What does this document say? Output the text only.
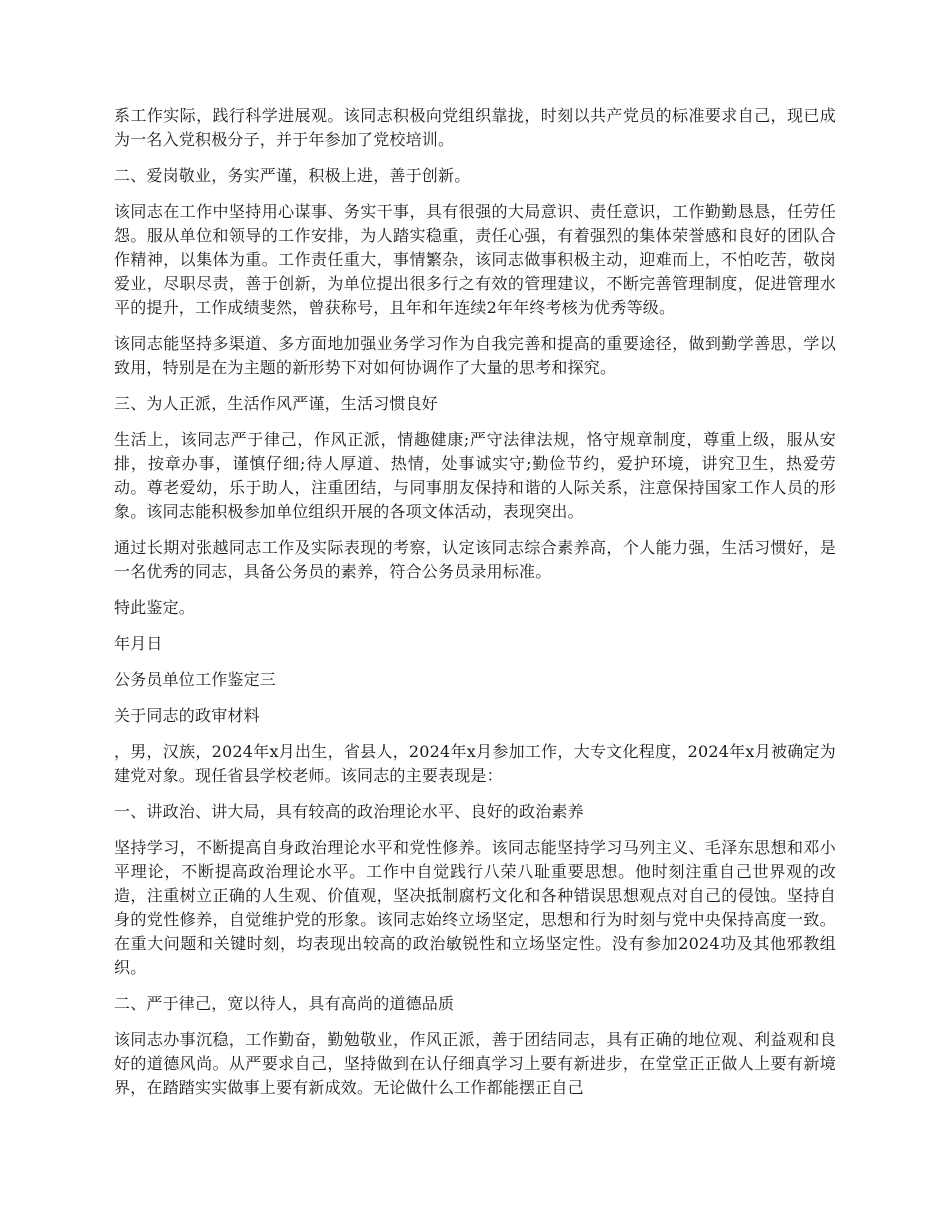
系工作实际，践行科学进展观。该同志积极向党组织靠拢，时刻以共产党员的标准要求自己，现已成为一名入党积极分子，并于年参加了党校培训。

二、爱岗敬业，务实严谨，积极上进，善于创新。

该同志在工作中坚持用心谋事、务实干事，具有很强的大局意识、责任意识，工作勤勤恳恳，任劳任怨。服从单位和领导的工作安排，为人踏实稳重，责任心强，有着强烈的集体荣誉感和良好的团队合作精神，以集体为重。工作责任重大，事情繁杂，该同志做事积极主动，迎难而上，不怕吃苦，敬岗爱业，尽职尽责，善于创新，为单位提出很多行之有效的管理建议，不断完善管理制度，促进管理水平的提升，工作成绩斐然，曾获称号，且年和年连续2年年终考核为优秀等级。

该同志能坚持多渠道、多方面地加强业务学习作为自我完善和提高的重要途径，做到勤学善思，学以致用，特别是在为主题的新形势下对如何协调作了大量的思考和探究。

三、为人正派，生活作风严谨，生活习惯良好

生活上，该同志严于律己，作风正派，情趣健康;严守法律法规，恪守规章制度，尊重上级，服从安排，按章办事，谨慎仔细;待人厚道、热情，处事诚实守;勤俭节约，爱护环境，讲究卫生，热爱劳动。尊老爱幼，乐于助人，注重团结，与同事朋友保持和谐的人际关系，注意保持国家工作人员的形象。该同志能积极参加单位组织开展的各项文体活动，表现突出。

通过长期对张越同志工作及实际表现的考察，认定该同志综合素养高，个人能力强，生活习惯好，是一名优秀的同志，具备公务员的素养，符合公务员录用标准。

特此鉴定。

年月日

公务员单位工作鉴定三

关于同志的政审材料

，男，汉族，2024年x月出生，省县人，2024年x月参加工作，大专文化程度，2024年x月被确定为建党对象。现任省县学校老师。该同志的主要表现是：

一、讲政治、讲大局，具有较高的政治理论水平、良好的政治素养

坚持学习，不断提高自身政治理论水平和党性修养。该同志能坚持学习马列主义、毛泽东思想和邓小平理论，不断提高政治理论水平。工作中自觉践行八荣八耻重要思想。他时刻注重自己世界观的改造，注重树立正确的人生观、价值观，坚决抵制腐朽文化和各种错误思想观点对自己的侵蚀。坚持自身的党性修养，自觉维护党的形象。该同志始终立场坚定，思想和行为时刻与党中央保持高度一致。在重大问题和关键时刻，均表现出较高的政治敏锐性和立场坚定性。没有参加2024功及其他邪教组织。

二、严于律己，宽以待人，具有高尚的道德品质

该同志办事沉稳，工作勤奋，勤勉敬业，作风正派，善于团结同志，具有正确的地位观、利益观和良好的道德风尚。从严要求自己，坚持做到在认仔细真学习上要有新进步，在堂堂正正做人上要有新境界，在踏踏实实做事上要有新成效。无论做什么工作都能摆正自己
